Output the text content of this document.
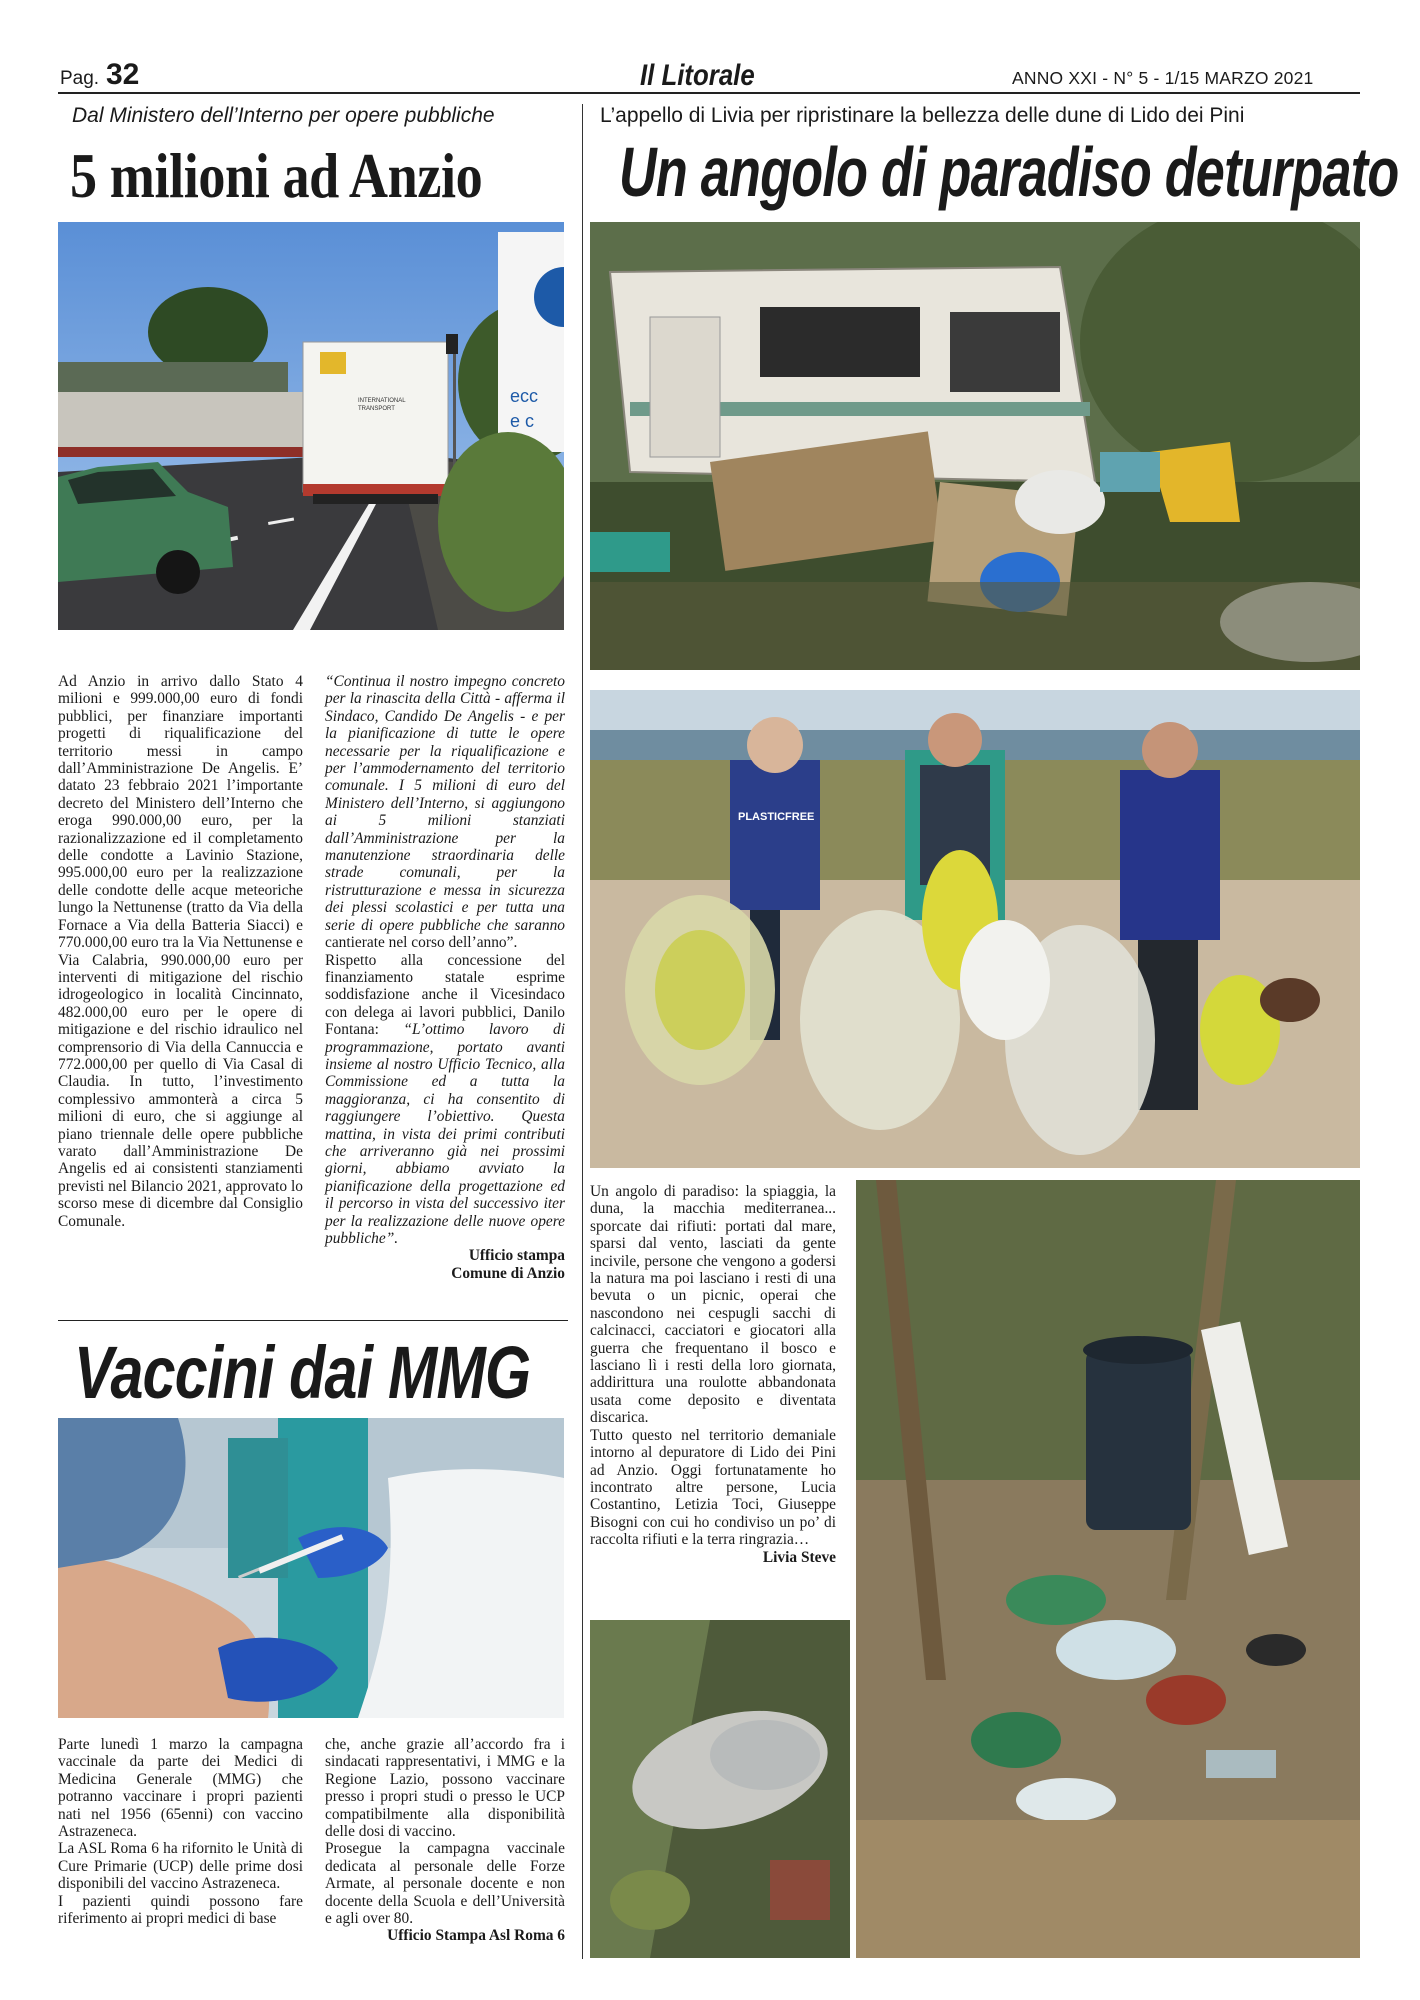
Pag. 32	Il Litorale	ANNO XXI - N° 5 - 1/15 MARZO 2021
Dal Ministero dell’Interno per opere pubbliche
5 milioni ad Anzio
INTERNATIONAL
TRANSPORT
ecc
e c

Ad Anzio in arrivo dallo Stato 4 milioni e 999.000,00 euro di fondi pubblici, per finanziare importanti progetti di riqualificazione del territorio messi in campo dall’Amministrazione De Angelis. E’ datato 23 febbraio 2021 l’importante decreto del Ministero dell’Interno che eroga 990.000,00 euro, per la razionalizzazione ed il completamento delle condotte a Lavinio Stazione, 995.000,00 euro per la realizzazione delle condotte delle acque meteoriche lungo la Nettunense (tratto da Via della Fornace a Via della Batteria Siacci) e 770.000,00 euro tra la Via Nettunense e Via Calabria, 990.000,00 euro per interventi di mitigazione del rischio idrogeologico in località Cincinnato, 482.000,00 euro per le opere di mitigazione e del rischio idraulico nel comprensorio di Via della Cannuccia e 772.000,00 per quello di Via Casal di Claudia. In tutto, l’investimento complessivo ammonterà a circa 5 milioni di euro, che si aggiunge al piano triennale delle opere pubbliche varato dall’Amministrazione De Angelis ed ai consistenti stanziamenti previsti nel Bilancio 2021, approvato lo scorso mese di dicembre dal Consiglio Comunale.

“Continua il nostro impegno concreto per la rinascita della Città - afferma il Sindaco, Candido De Angelis - e per la pianificazione di tutte le opere necessarie per la riqualificazione e per l’ammodernamento del territorio comunale. I 5 milioni di euro del Ministero dell’Interno, si aggiungono ai 5 milioni stanziati dall’Amministrazione per la manutenzione straordinaria delle strade comunali, per la ristrutturazione e messa in sicurezza dei plessi scolastici e per tutta una serie di opere pubbliche che saranno cantierate nel corso dell’anno”.

Rispetto alla concessione del finanziamento statale esprime soddisfazione anche il Vicesindaco con delega ai lavori pubblici, Danilo Fontana: “L’ottimo lavoro di programmazione, portato avanti insieme al nostro Ufficio Tecnico, alla Commissione ed a tutta la maggioranza, ci ha consentito di raggiungere l’obiettivo. Questa mattina, in vista dei primi contributi che arriveranno già nei prossimi giorni, abbiamo avviato la pianificazione della progettazione ed il percorso in vista del successivo iter per la realizzazione delle nuove opere pubbliche”.

Ufficio stampa
Comune di Anzio
Vaccini dai MMG

Parte lunedì 1 marzo la campagna vaccinale da parte dei Medici di Medicina Generale (MMG) che potranno vaccinare i propri pazienti nati nel 1956 (65enni) con vaccino Astrazeneca.

La ASL Roma 6 ha rifornito le Unità di Cure Primarie (UCP) delle prime dosi disponibili del vaccino Astrazeneca.

I pazienti quindi possono fare riferimento ai propri medici di base

che, anche grazie all’accordo fra i sindacati rappresentativi, i MMG e la Regione Lazio, possono vaccinare presso i propri studi o presso le UCP compatibilmente alla disponibilità delle dosi di vaccino.

Prosegue la campagna vaccinale dedicata al personale delle Forze Armate, al personale docente e non docente della Scuola e dell’Università e agli over 80.

Ufficio Stampa Asl Roma 6
L’appello di Livia per ripristinare la bellezza delle dune di Lido dei Pini
Un angolo di paradiso deturpato
PLASTICFREE

Un angolo di paradiso: la spiaggia, la duna, la macchia mediterranea... sporcate dai rifiuti: portati dal mare, sparsi dal vento, lasciati da gente incivile, persone che vengono a godersi la natura ma poi lasciano i resti di una bevuta o un picnic, operai che nascondono nei cespugli sacchi di calcinacci, cacciatori e giocatori alla guerra che frequentano il bosco e lasciano lì i resti della loro giornata, addirittura una roulotte abbandonata usata come deposito e diventata discarica.

Tutto questo nel territorio demaniale intorno al depuratore di Lido dei Pini ad Anzio. Oggi fortunatamente ho incontrato altre persone, Lucia Costantino, Letizia Toci, Giuseppe Bisogni con cui ho condiviso un po’ di raccolta rifiuti e la terra ringrazia…

Livia Steve
